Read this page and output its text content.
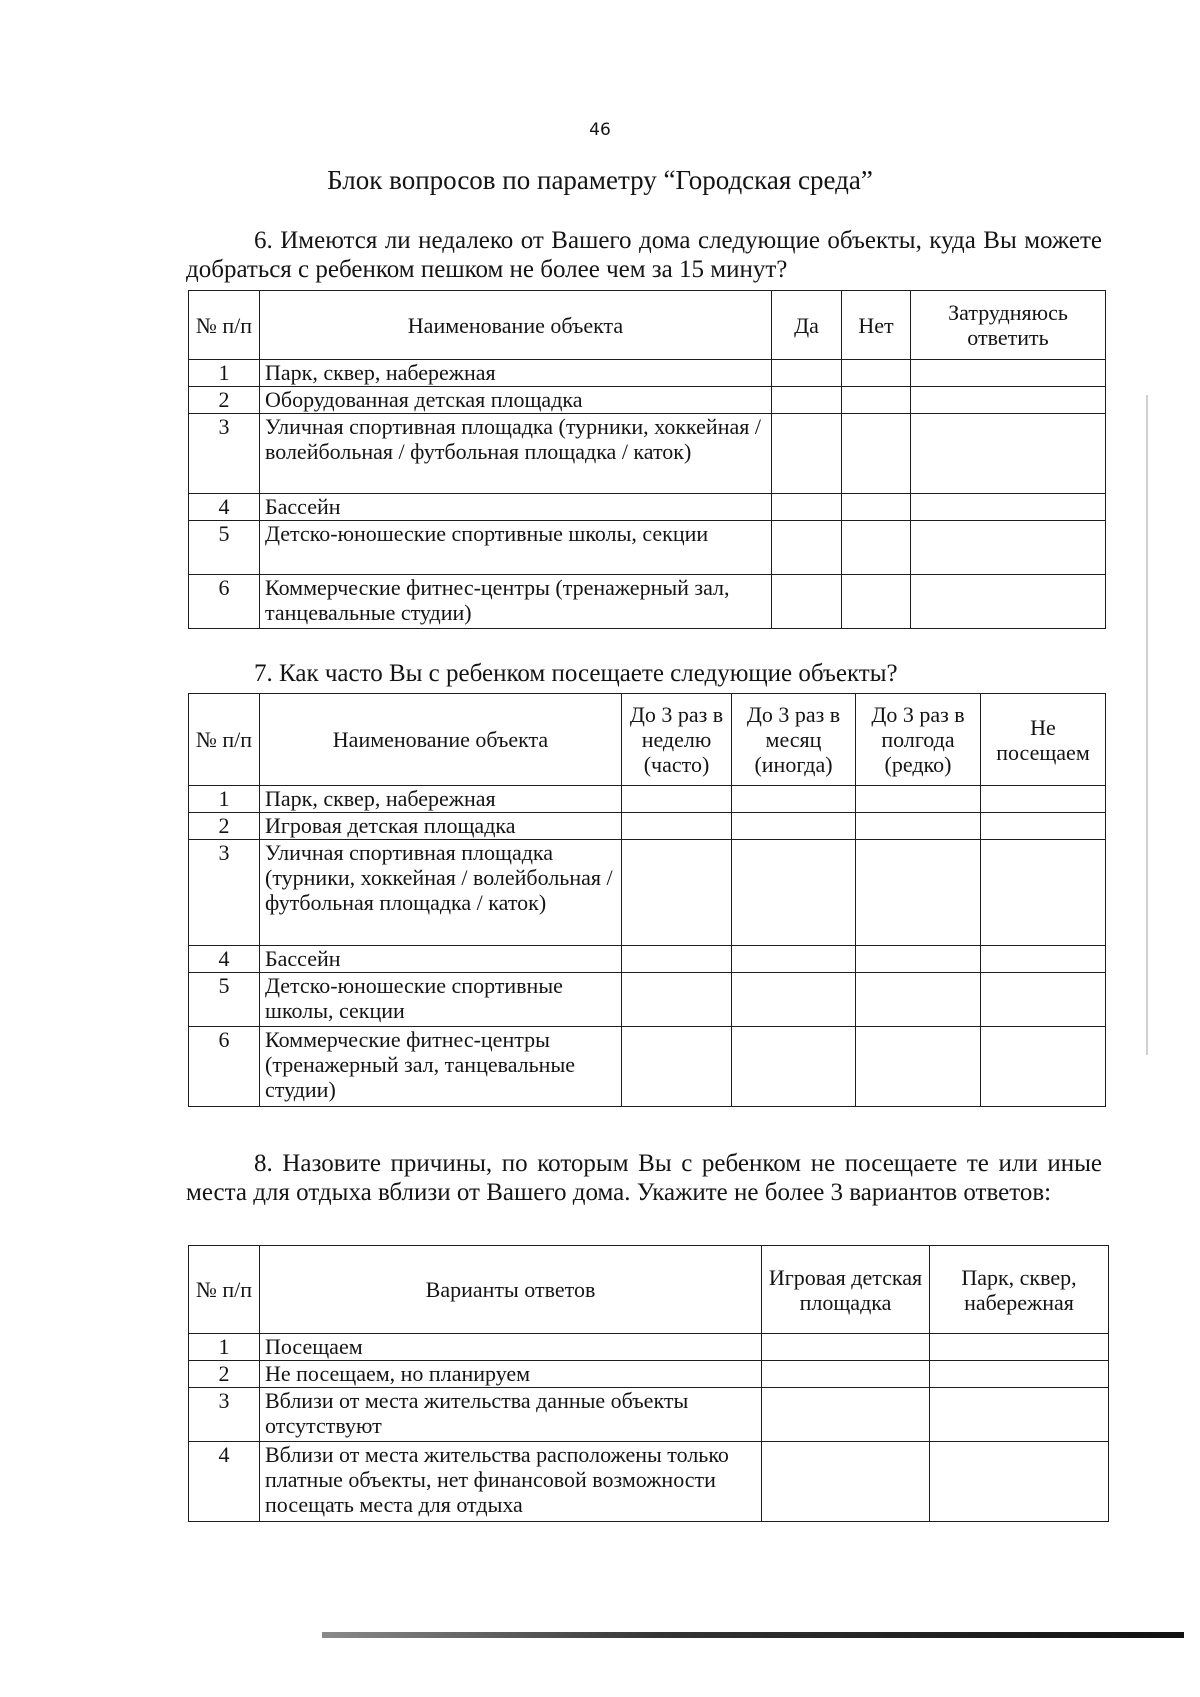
46
Блок вопросов по параметру “Городская среда”
6. Имеются ли недалеко от Вашего дома следующие объекты, куда Вы можете добраться с ребенком пешком не более чем за 15 минут?
№ п/п	Наименование объекта	Да	Нет	Затрудняюсь ответить
1	Парк, сквер, набережная			
2	Оборудованная детская площадка			
3	Уличная спортивная площадка (турники, хоккейная / волейбольная / футбольная площадка / каток)			
4	Бассейн			
5	Детско-юношеские спортивные школы, секции			
6	Коммерческие фитнес-центры (тренажерный зал, танцевальные студии)			
7. Как часто Вы с ребенком посещаете следующие объекты?
№ п/п	Наименование объекта	До 3 раз в неделю (часто)	До 3 раз в месяц (иногда)	До 3 раз в полгода (редко)	Не посещаем
1	Парк, сквер, набережная				
2	Игровая детская площадка				
3	Уличная спортивная площадка (турники, хоккейная / волейбольная / футбольная площадка / каток)				
4	Бассейн				
5	Детско-юношеские спортивные школы, секции				
6	Коммерческие фитнес-центры (тренажерный зал, танцевальные студии)				
8. Назовите причины, по которым Вы с ребенком не посещаете те или иные места для отдыха вблизи от Вашего дома. Укажите не более 3 вариантов ответов:
№ п/п	Варианты ответов	Игровая детская площадка	Парк, сквер, набережная
1	Посещаем		
2	Не посещаем, но планируем		
3	Вблизи от места жительства данные объекты отсутствуют		
4	Вблизи от места жительства расположены только платные объекты, нет финансовой возможности посещать места для отдыха		
